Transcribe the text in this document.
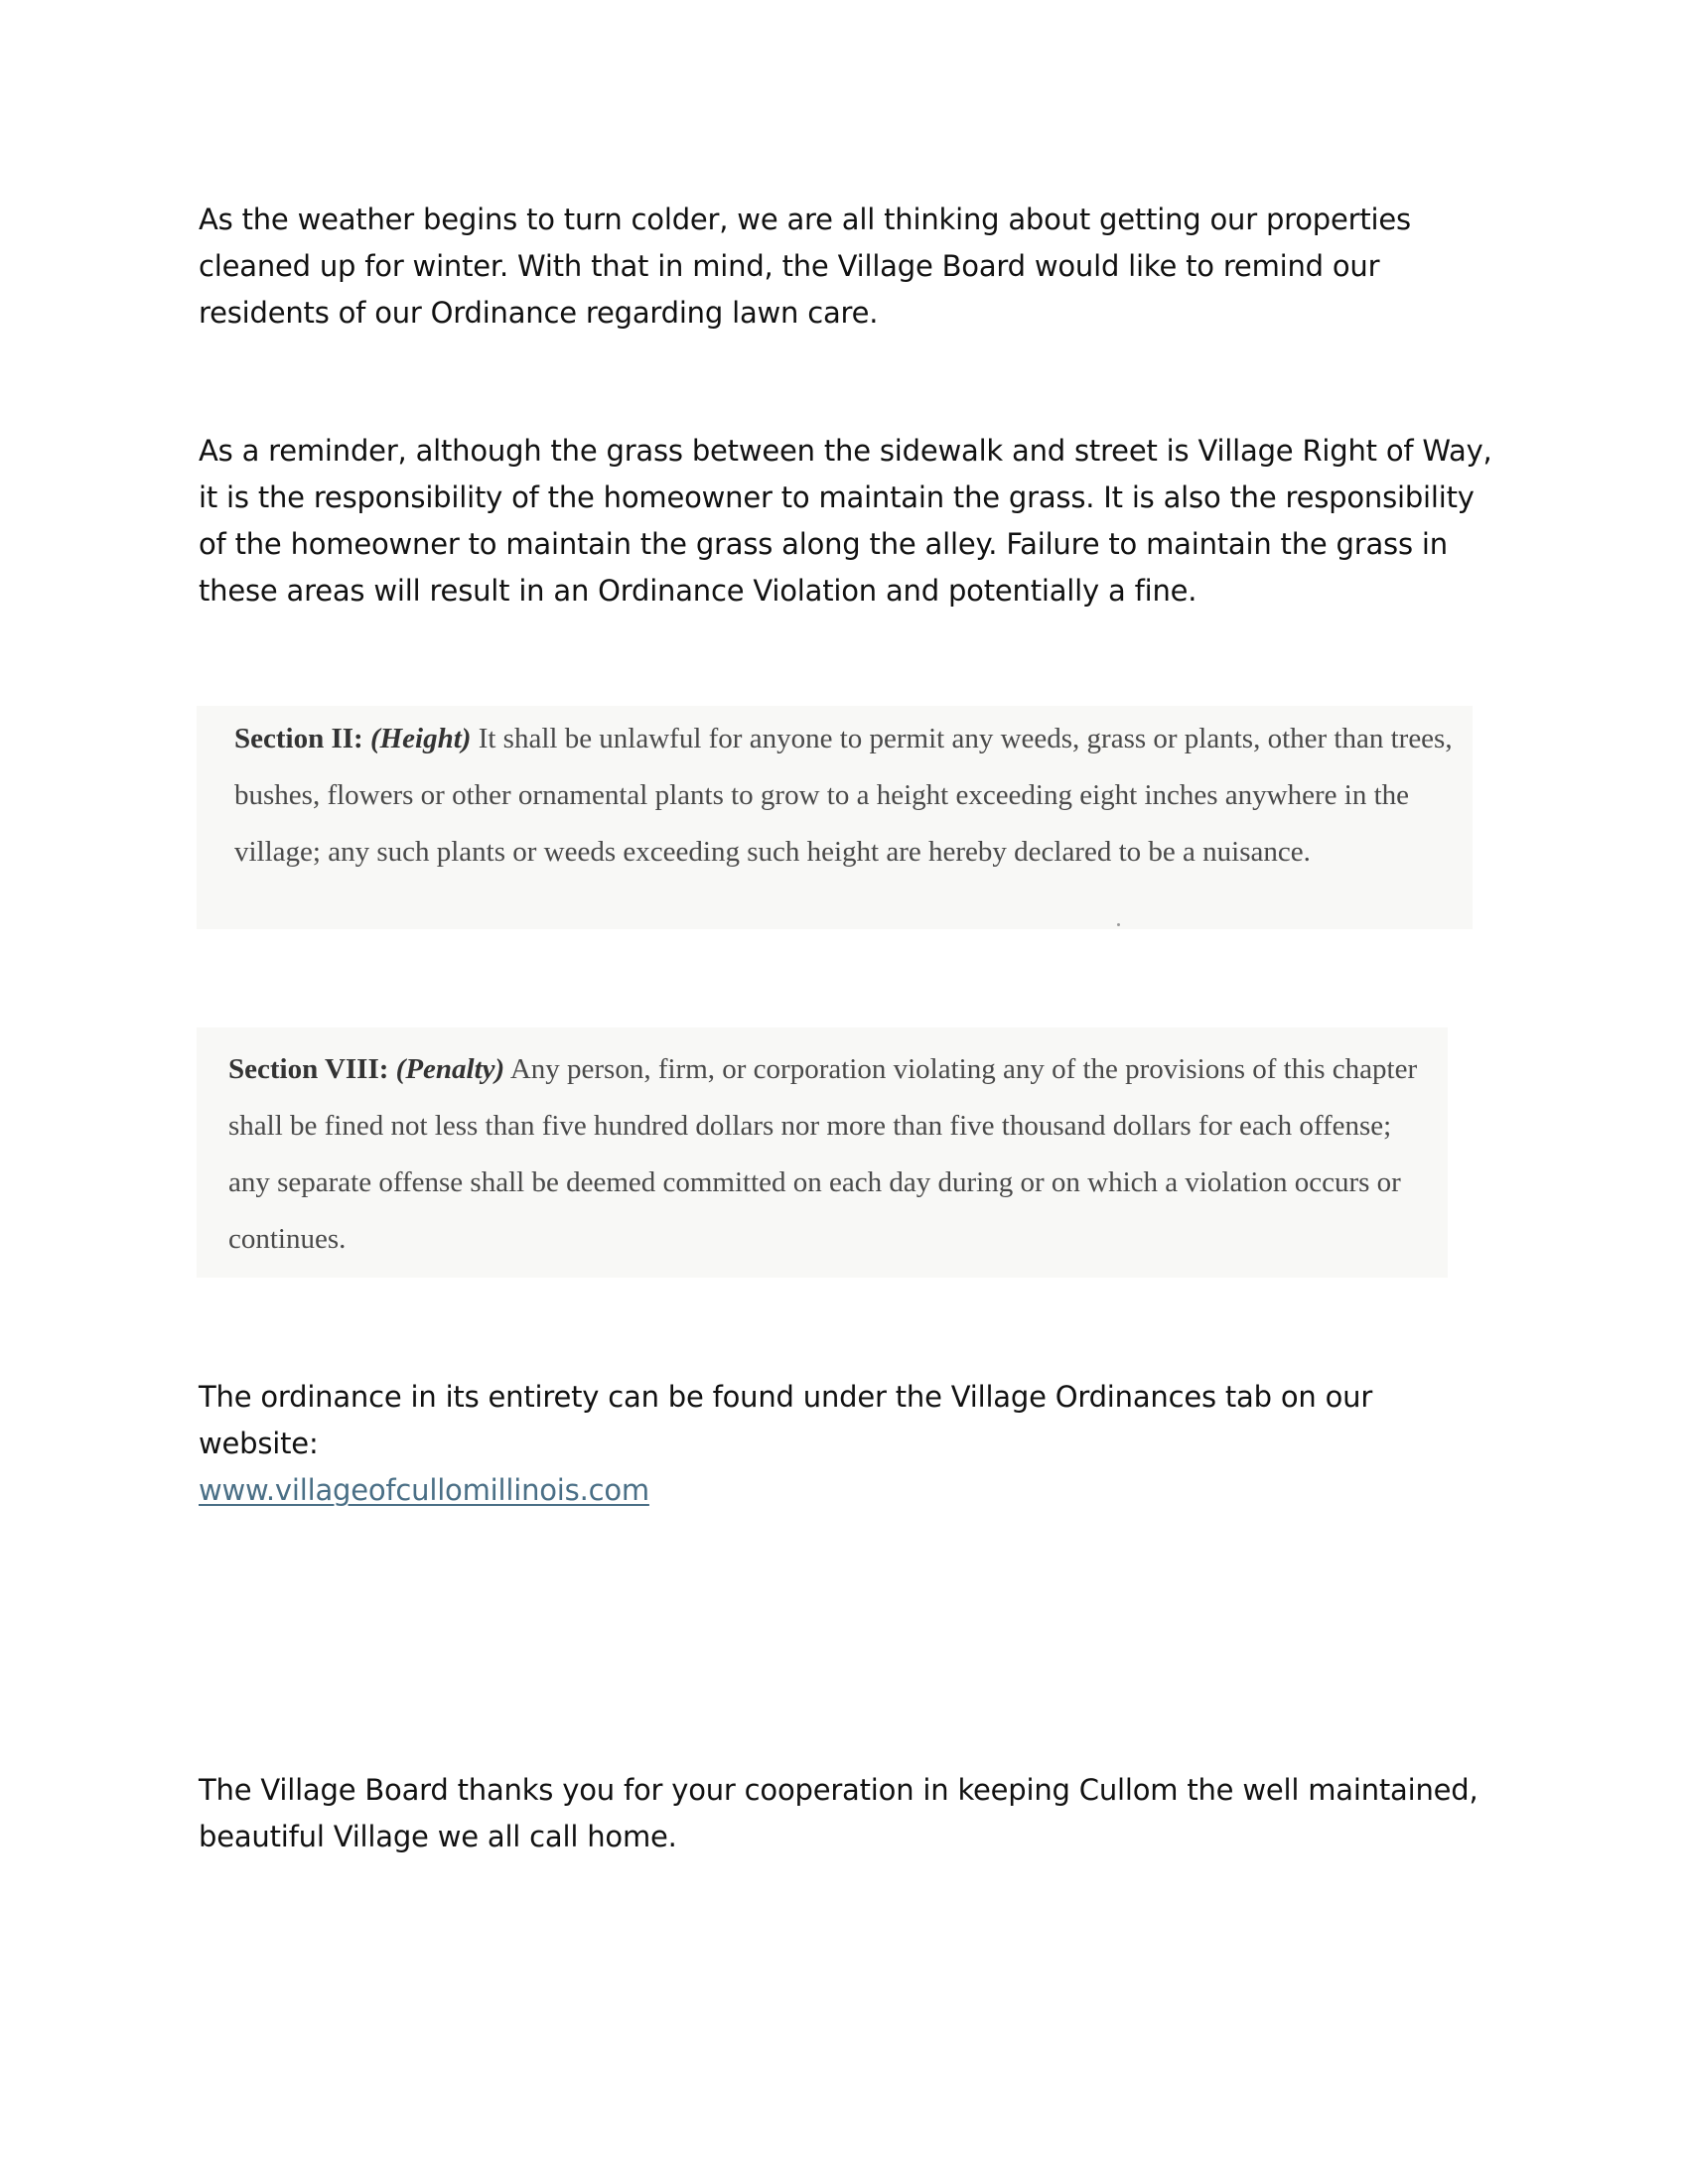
As the weather begins to turn colder, we are all thinking about getting our properties cleaned up for winter. With that in mind, the Village Board would like to remind our residents of our Ordinance regarding lawn care.

As a reminder, although the grass between the sidewalk and street is Village Right of Way, it is the responsibility of the homeowner to maintain the grass. It is also the responsibility of the homeowner to maintain the grass along the alley. Failure to maintain the grass in these areas will result in an Ordinance Violation and potentially a fine.

Section II: (Height) It shall be unlawful for anyone to permit any weeds, grass or plants, other than trees, bushes, flowers or other ornamental plants to grow to a height exceeding eight inches anywhere in the village; any such plants or weeds exceeding such height are hereby declared to be a nuisance.

Section VIII: (Penalty) Any person, firm, or corporation violating any of the provisions of this chapter shall be fined not less than five hundred dollars nor more than five thousand dollars for each offense; any separate offense shall be deemed committed on each day during or on which a violation occurs or continues.

The ordinance in its entirety can be found under the Village Ordinances tab on our website:
www.villageofcullomillinois.com

The Village Board thanks you for your cooperation in keeping Cullom the well maintained, beautiful Village we all call home.
